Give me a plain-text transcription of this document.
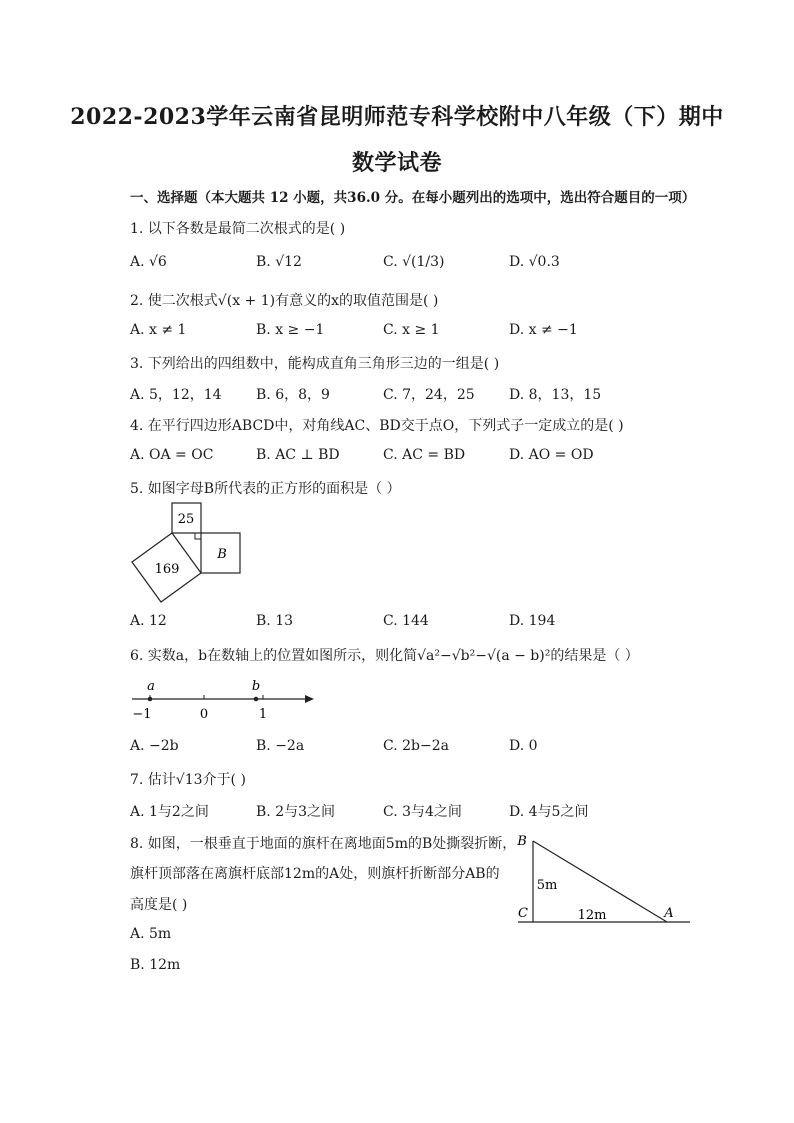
2022-2023学年云南省昆明师范专科学校附中八年级（下）期中
数学试卷
一、选择题（本大题共 12 小题，共36.0 分。在每小题列出的选项中，选出符合题目的一项）
1. 以下各数是最简二次根式的是( )
A. √6	B. √12	C. √(1/3)	D. √0.3
2. 使二次根式√(x + 1)有意义的x的取值范围是( )
A. x ≠ 1	B. x ≥ −1	C. x ≥ 1	D. x ≠ −1
3. 下列给出的四组数中，能构成直角三角形三边的一组是( )
A. 5，12，14 B. 6，8，9	C. 7，24，25 D. 8，13，15
4. 在平行四边形ABCD中，对角线AC、BD交于点O，下列式子一定成立的是( )
A. OA = OC	B. AC ⊥ BD	C. AC = BD	D. AO = OD
5. 如图字母B所代表的正方形的面积是（ ）
25
169
B
A. 12	B. 13	C. 144	D. 194
6. 实数a，b在数轴上的位置如图所示，则化简√a²−√b²−√(a − b)²的结果是（ ）
a	b
−1	0	1
A. −2b	B. −2a	C. 2b−2a	D. 0
7. 估计√13介于( )
A. 1与2之间	B. 2与3之间	C. 3与4之间	D. 4与5之间
8. 如图，一根垂直于地面的旗杆在离地面5m的B处撕裂折断，
旗杆顶部落在离旗杆底部12m的A处，则旗杆折断部分AB的
高度是( )
B
5m
C	12m	A
A. 5m
B. 12m
